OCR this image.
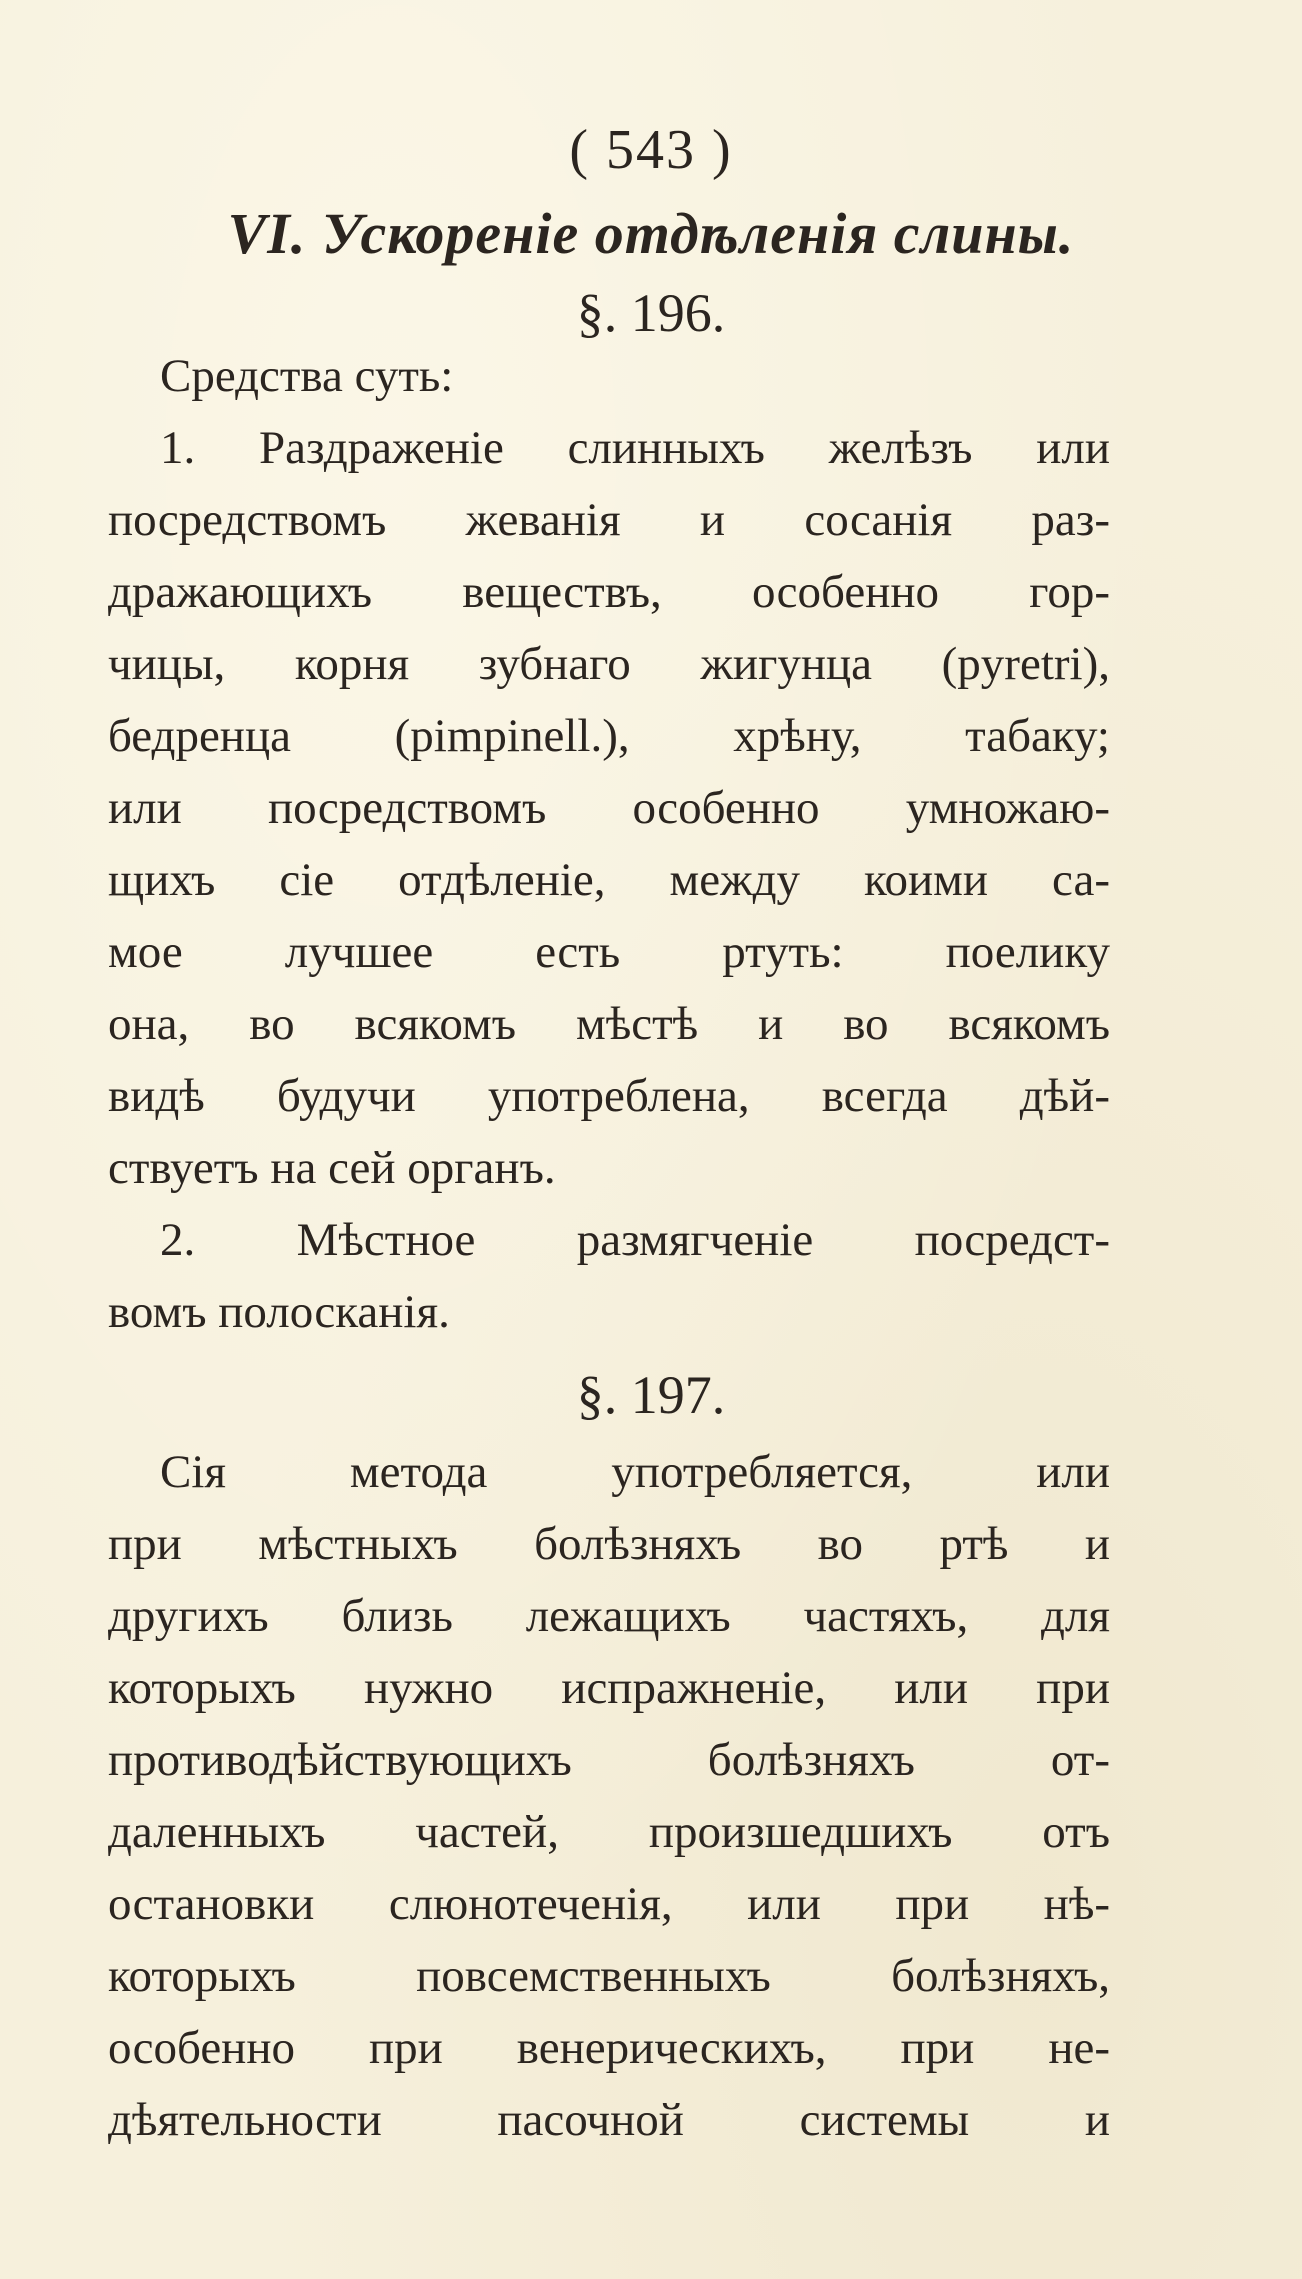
( 543 )
VI. Ускоренiе отдѣленiя слины.
§. 196.
Средства суть:
1. Раздраженiе слинныхъ желѣзъ или
посредствомъ жеванiя и сосанiя раз-
дражающихъ веществъ, особенно гор-
чицы, корня зубнаго жигунца (pyretri),
бедренца (pimpinell.), хрѣну, табаку;
или посредствомъ особенно умножаю-
щихъ сiе отдѣленiе, между коими са-
мое лучшее есть ртуть: поелику
она, во всякомъ мѣстѣ и во всякомъ
видѣ будучи употреблена, всегда дѣй-
ствуетъ на сей органъ.
2. Мѣстное размягченiе посредст-
вомъ полосканiя.
§. 197.
Сiя метода употребляется, или
при мѣстныхъ болѣзняхъ во ртѣ и
другихъ близь лежащихъ частяхъ, для
которыхъ нужно испражненiе, или при
противодѣйствующихъ болѣзняхъ от-
даленныхъ частей, произшедшихъ отъ
остановки слюнотеченiя, или при нѣ-
которыхъ повсемственныхъ болѣзняхъ,
особенно при венерическихъ, при не-
дѣятельности пасочной системы и
